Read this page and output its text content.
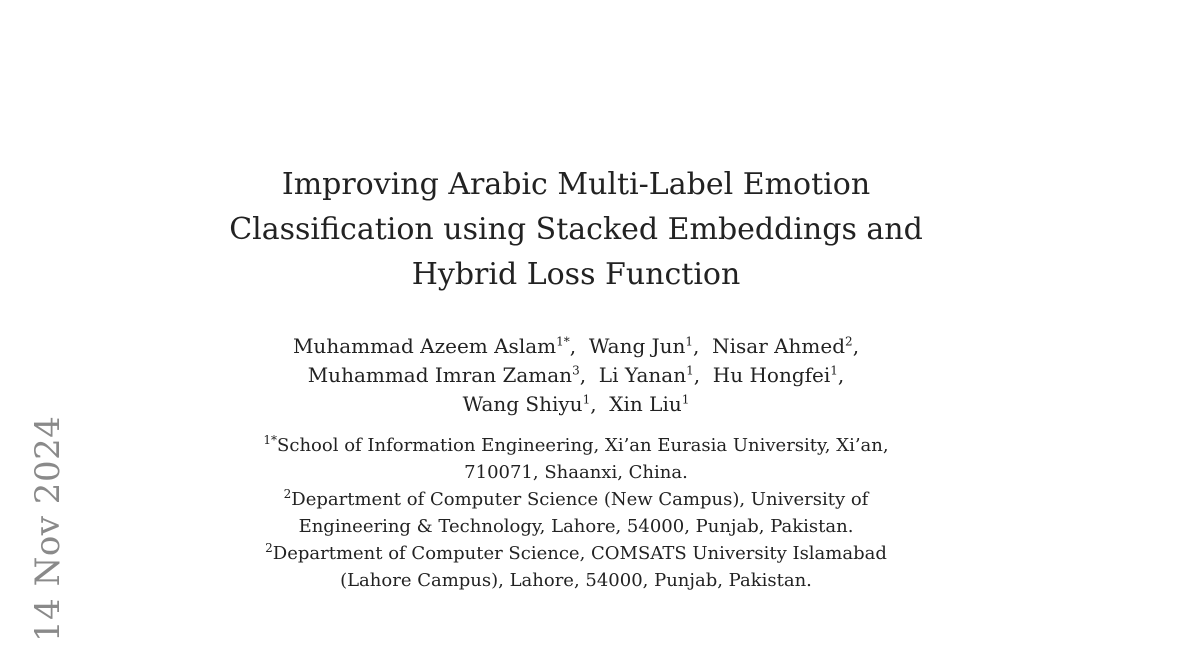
14 Nov 2024
Improving Arabic Multi-Label Emotion
Classification using Stacked Embeddings and
Hybrid Loss Function
Muhammad Azeem Aslam$^{1*}$,  Wang Jun$^1$,  Nisar Ahmed$^2$,
Muhammad Imran Zaman$^3$,  Li Yanan$^1$,  Hu Hongfei$^1$,
Wang Shiyu$^1$,  Xin Liu$^1$
$^{1*}$School of Information Engineering, Xi’an Eurasia University, Xi’an,
710071, Shaanxi, China.
$^2$Department of Computer Science (New Campus), University of
Engineering & Technology, Lahore, 54000, Punjab, Pakistan.
$^2$Department of Computer Science, COMSATS University Islamabad
(Lahore Campus), Lahore, 54000, Punjab, Pakistan.
